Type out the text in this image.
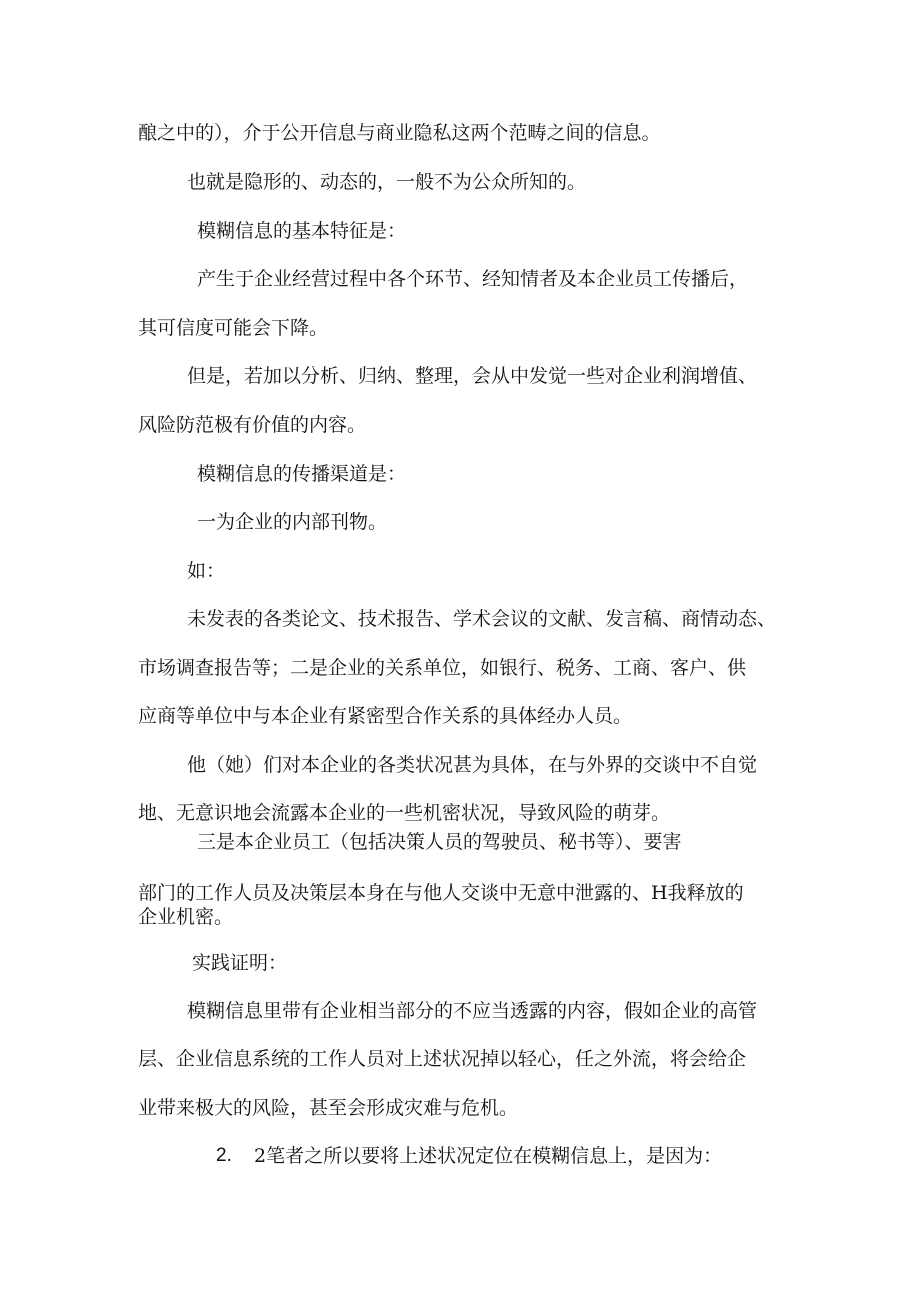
酿之中的），介于公开信息与商业隐私这两个范畴之间的信息。
也就是隐形的、动态的，一般不为公众所知的。
模糊信息的基本特征是：
产生于企业经营过程中各个环节、经知情者及本企业员工传播后，
其可信度可能会下降。
但是，若加以分析、归纳、整理，会从中发觉一些对企业利润增值、
风险防范极有价值的内容。
模糊信息的传播渠道是：
一为企业的内部刊物。
如：
未发表的各类论文、技术报告、学术会议的文献、发言稿、商情动态、
市场调查报告等；二是企业的关系单位，如银行、税务、工商、客户、供
应商等单位中与本企业有紧密型合作关系的具体经办人员。
他（她）们对本企业的各类状况甚为具体，在与外界的交谈中不自觉
地、无意识地会流露本企业的一些机密状况，导致风险的萌芽。
三是本企业员工（包括决策人员的驾驶员、秘书等）、要害
部门的工作人员及决策层本身在与他人交谈中无意中泄露的、H我释放的
企业机密。
实践证明：
模糊信息里带有企业相当部分的不应当透露的内容，假如企业的高管
层、企业信息系统的工作人员对上述状况掉以轻心，任之外流，将会给企
业带来极大的风险，甚至会形成灾难与危机。
2. 2笔者之所以要将上述状况定位在模糊信息上，是因为：
